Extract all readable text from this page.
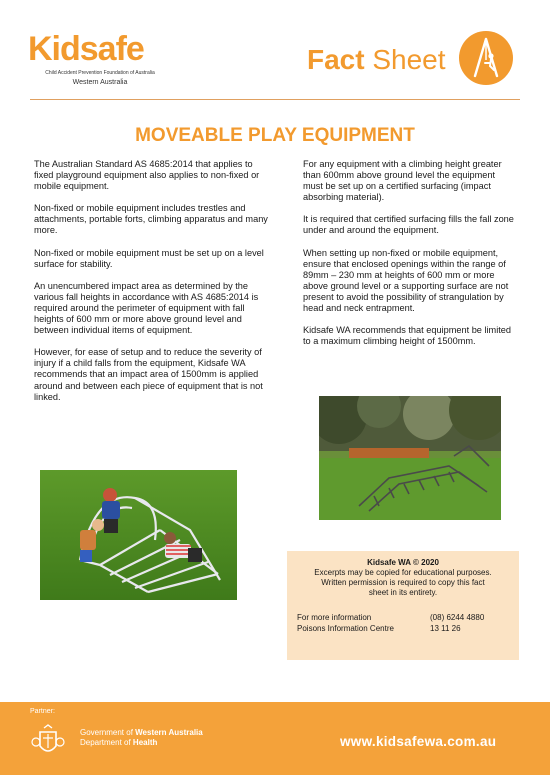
Kidsafe
Child Accident Prevention Foundation of Australia
Western Australia
Fact Sheet
MOVEABLE PLAY EQUIPMENT

The Australian Standard AS 4685:2014 that applies to fixed playground equipment also applies to non-fixed or mobile equipment.

Non-fixed or mobile equipment includes trestles and attachments, portable forts, climbing apparatus and many more.

Non-fixed or mobile equipment must be set up on a level surface for stability.

An unencumbered impact area as determined by the various fall heights in accordance with AS 4685:2014 is required around the perimeter of equipment with fall heights of 600 mm or more above ground level and between individual items of equipment.

However, for ease of setup and to reduce the severity of injury if a child falls from the equipment, Kidsafe WA recommends that an impact area of 1500mm is applied around and between each piece of equipment that is not linked.

For any equipment with a climbing height greater than 600mm above ground level the equipment must be set up on a certified surfacing (impact absorbing material).

It is required that certified surfacing fills the fall zone under and around the equipment.

When setting up non-fixed or mobile equipment, ensure that enclosed openings within the range of 89mm – 230 mm at heights of 600 mm or more above ground level or a supporting surface are not present to avoid the possibility of strangulation by head and neck entrapment.

Kidsafe WA recommends that equipment be limited to a maximum climbing height of 1500mm.

Kidsafe WA © 2020
Excerpts may be copied for educational purposes.
Written permission is required to copy this fact
sheet in its entirety.
For more information	(08) 6244 4880
Poisons Information Centre	13 11 26
Partner:
Government of Western Australia
Department of Health	www.kidsafewa.com.au
